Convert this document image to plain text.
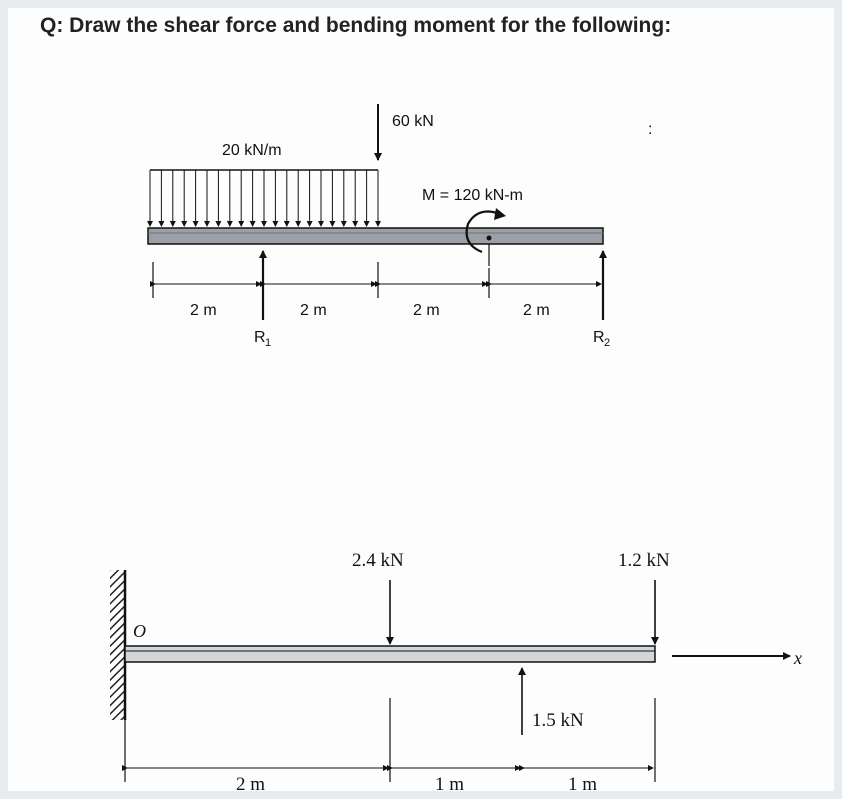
Q: Draw the shear force and bending moment for the following:
20 kN/m
60 kN	:
M = 120 kN-m
2 m	2 m	2 m	2 m
R 1	R 2
O
x
2.4 kN	1.2 kN
1.5 kN
2 m	1 m	1 m
